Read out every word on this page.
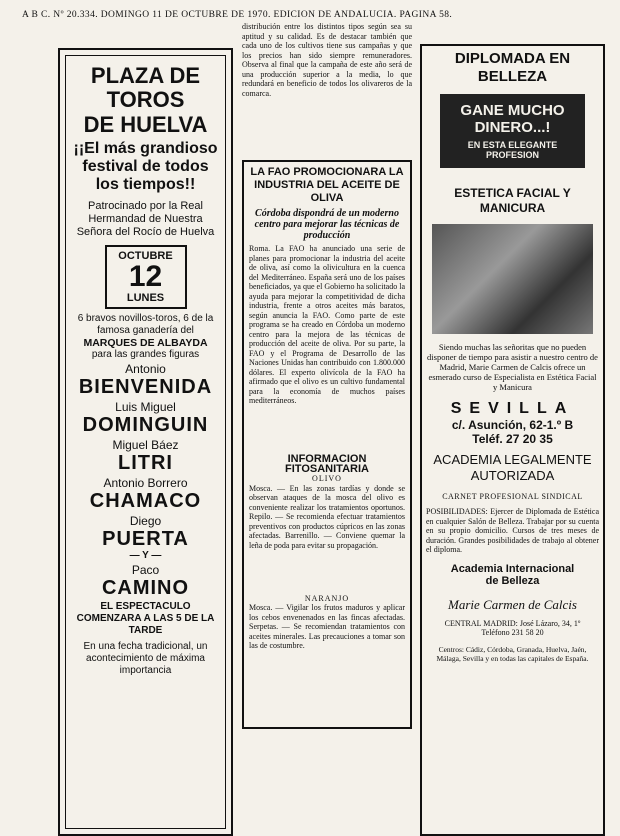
A B C. Nº 20.334. DOMINGO 11 DE OCTUBRE DE 1970. EDICION DE ANDALUCIA. PAGINA 58.
PLAZA DE TOROS
DE HUELVA
¡¡El más grandioso festival de todos los tiempos!!
Patrocinado por la Real Hermandad de Nuestra Señora del Rocío de Huelva
OCTUBRE
12
LUNES
6 bravos novillos-toros, 6 de la famosa ganadería del
MARQUES DE ALBAYDA
para las grandes figuras
Antonio
BIENVENIDA
Luis Miguel
DOMINGUIN
Miguel Báez
LITRI
Antonio Borrero
CHAMACO
Diego
PUERTA
— Y —
Paco
CAMINO
EL ESPECTACULO COMENZARA A LAS 5 DE LA TARDE
En una fecha tradicional, un acontecimiento de máxima importancia

distribución entre los distintos tipos según sea su aptitud y su calidad. Es de destacar también que cada uno de los cultivos tiene sus campañas y que los precios han sido siempre remuneradores. Observa al final que la campaña de este año será de una producción superior a la media, lo que redundará en beneficio de todos los olivareros de la comarca.

LA FAO PROMOCIONARA LA INDUSTRIA DEL ACEITE DE OLIVA
Córdoba dispondrá de un moderno centro para mejorar las técnicas de producción

Roma. La FAO ha anunciado una serie de planes para promocionar la industria del aceite de oliva, así como la olivicultura en la cuenca del Mediterráneo. España será uno de los países beneficiados, ya que el Gobierno ha solicitado la ayuda para mejorar la competitividad de dicha industria, frente a otros aceites más baratos, según anuncia la FAO. Como parte de este programa se ha creado en Córdoba un moderno centro para la mejora de las técnicas de producción del aceite de oliva. Por su parte, la FAO y el Programa de Desarrollo de las Naciones Unidas han contribuido con 1.800.000 dólares. El experto olivícola de la FAO ha afirmado que el olivo es un cultivo fundamental para la economía de muchos países mediterráneos.

INFORMACION FITOSANITARIA
OLIVO

Mosca. — En las zonas tardías y donde se observan ataques de la mosca del olivo es conveniente realizar los tratamientos oportunos. Repilo. — Se recomienda efectuar tratamientos preventivos con productos cúpricos en las zonas afectadas. Barrenillo. — Conviene quemar la leña de poda para evitar su propagación.

NARANJO

Mosca. — Vigilar los frutos maduros y aplicar los cebos envenenados en las fincas afectadas. Serpetas. — Se recomiendan tratamientos con aceites minerales. Las precauciones a tomar son las de costumbre.

DIPLOMADA EN BELLEZA
GANE MUCHO DINERO...!
EN ESTA ELEGANTE PROFESION
ESTETICA FACIAL Y MANICURA

Siendo muchas las señoritas que no pueden disponer de tiempo para asistir a nuestro centro de Madrid, Marie Carmen de Calcis ofrece un esmerado curso de Especialista en Estética Facial y Manicura

SEVILLA
c/. Asunción, 62-1.º B
Teléf. 27 20 35
ACADEMIA LEGALMENTE AUTORIZADA
CARNET PROFESIONAL SINDICAL

POSIBILIDADES: Ejercer de Diplomada de Estética en cualquier Salón de Belleza. Trabajar por su cuenta en su propio domicilio. Cursos de tres meses de duración. Grandes posibilidades de trabajo al obtener el diploma.

Academia Internacional
de Belleza
Marie Carmen de Calcis
CENTRAL MADRID: José Lázaro, 34, 1º
Teléfono 231 58 20

Centros: Cádiz, Córdoba, Granada, Huelva, Jaén, Málaga, Sevilla y en todas las capitales de España.
